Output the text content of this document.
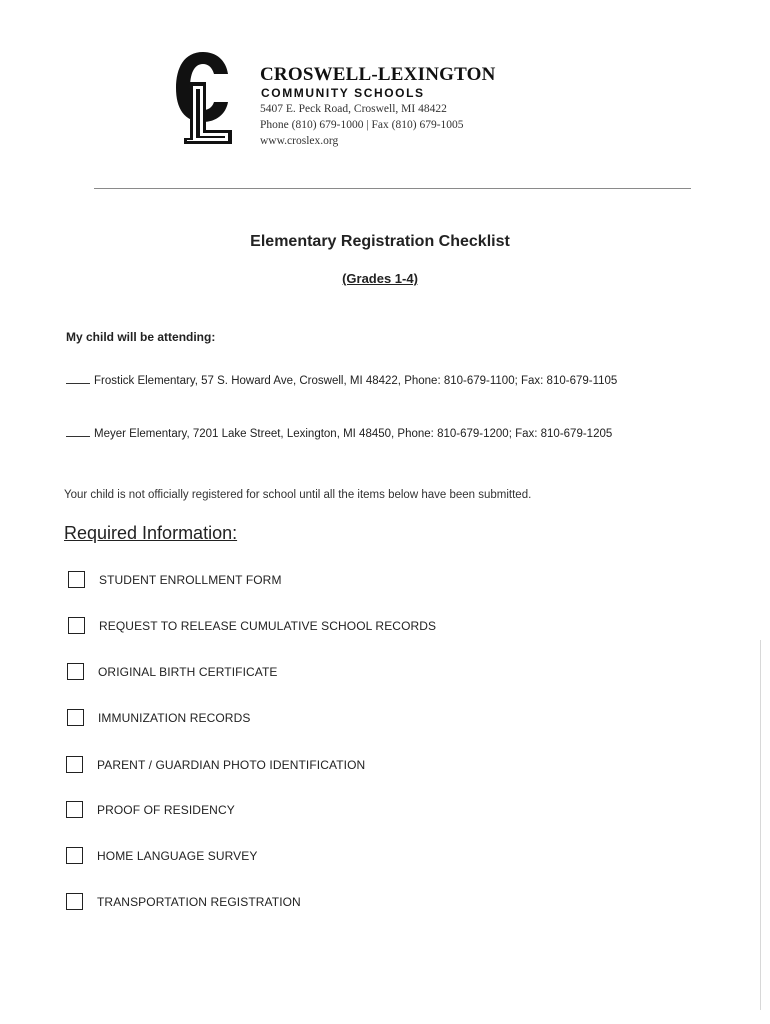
CROSWELL-LEXINGTON
COMMUNITY SCHOOLS
5407 E. Peck Road, Croswell, MI 48422
Phone (810) 679-1000 | Fax (810) 679-1005
www.croslex.org
Elementary Registration Checklist
(Grades 1-4)
My child will be attending:
Frostick Elementary, 57 S. Howard Ave, Croswell, MI 48422, Phone: 810-679-1100; Fax: 810-679-1105
Meyer Elementary, 7201 Lake Street, Lexington, MI 48450, Phone: 810-679-1200; Fax: 810-679-1205
Your child is not officially registered for school until all the items below have been submitted.
Required Information:
STUDENT ENROLLMENT FORM
REQUEST TO RELEASE CUMULATIVE SCHOOL RECORDS
ORIGINAL BIRTH CERTIFICATE
IMMUNIZATION RECORDS
PARENT / GUARDIAN PHOTO IDENTIFICATION
PROOF OF RESIDENCY
HOME LANGUAGE SURVEY
TRANSPORTATION REGISTRATION
